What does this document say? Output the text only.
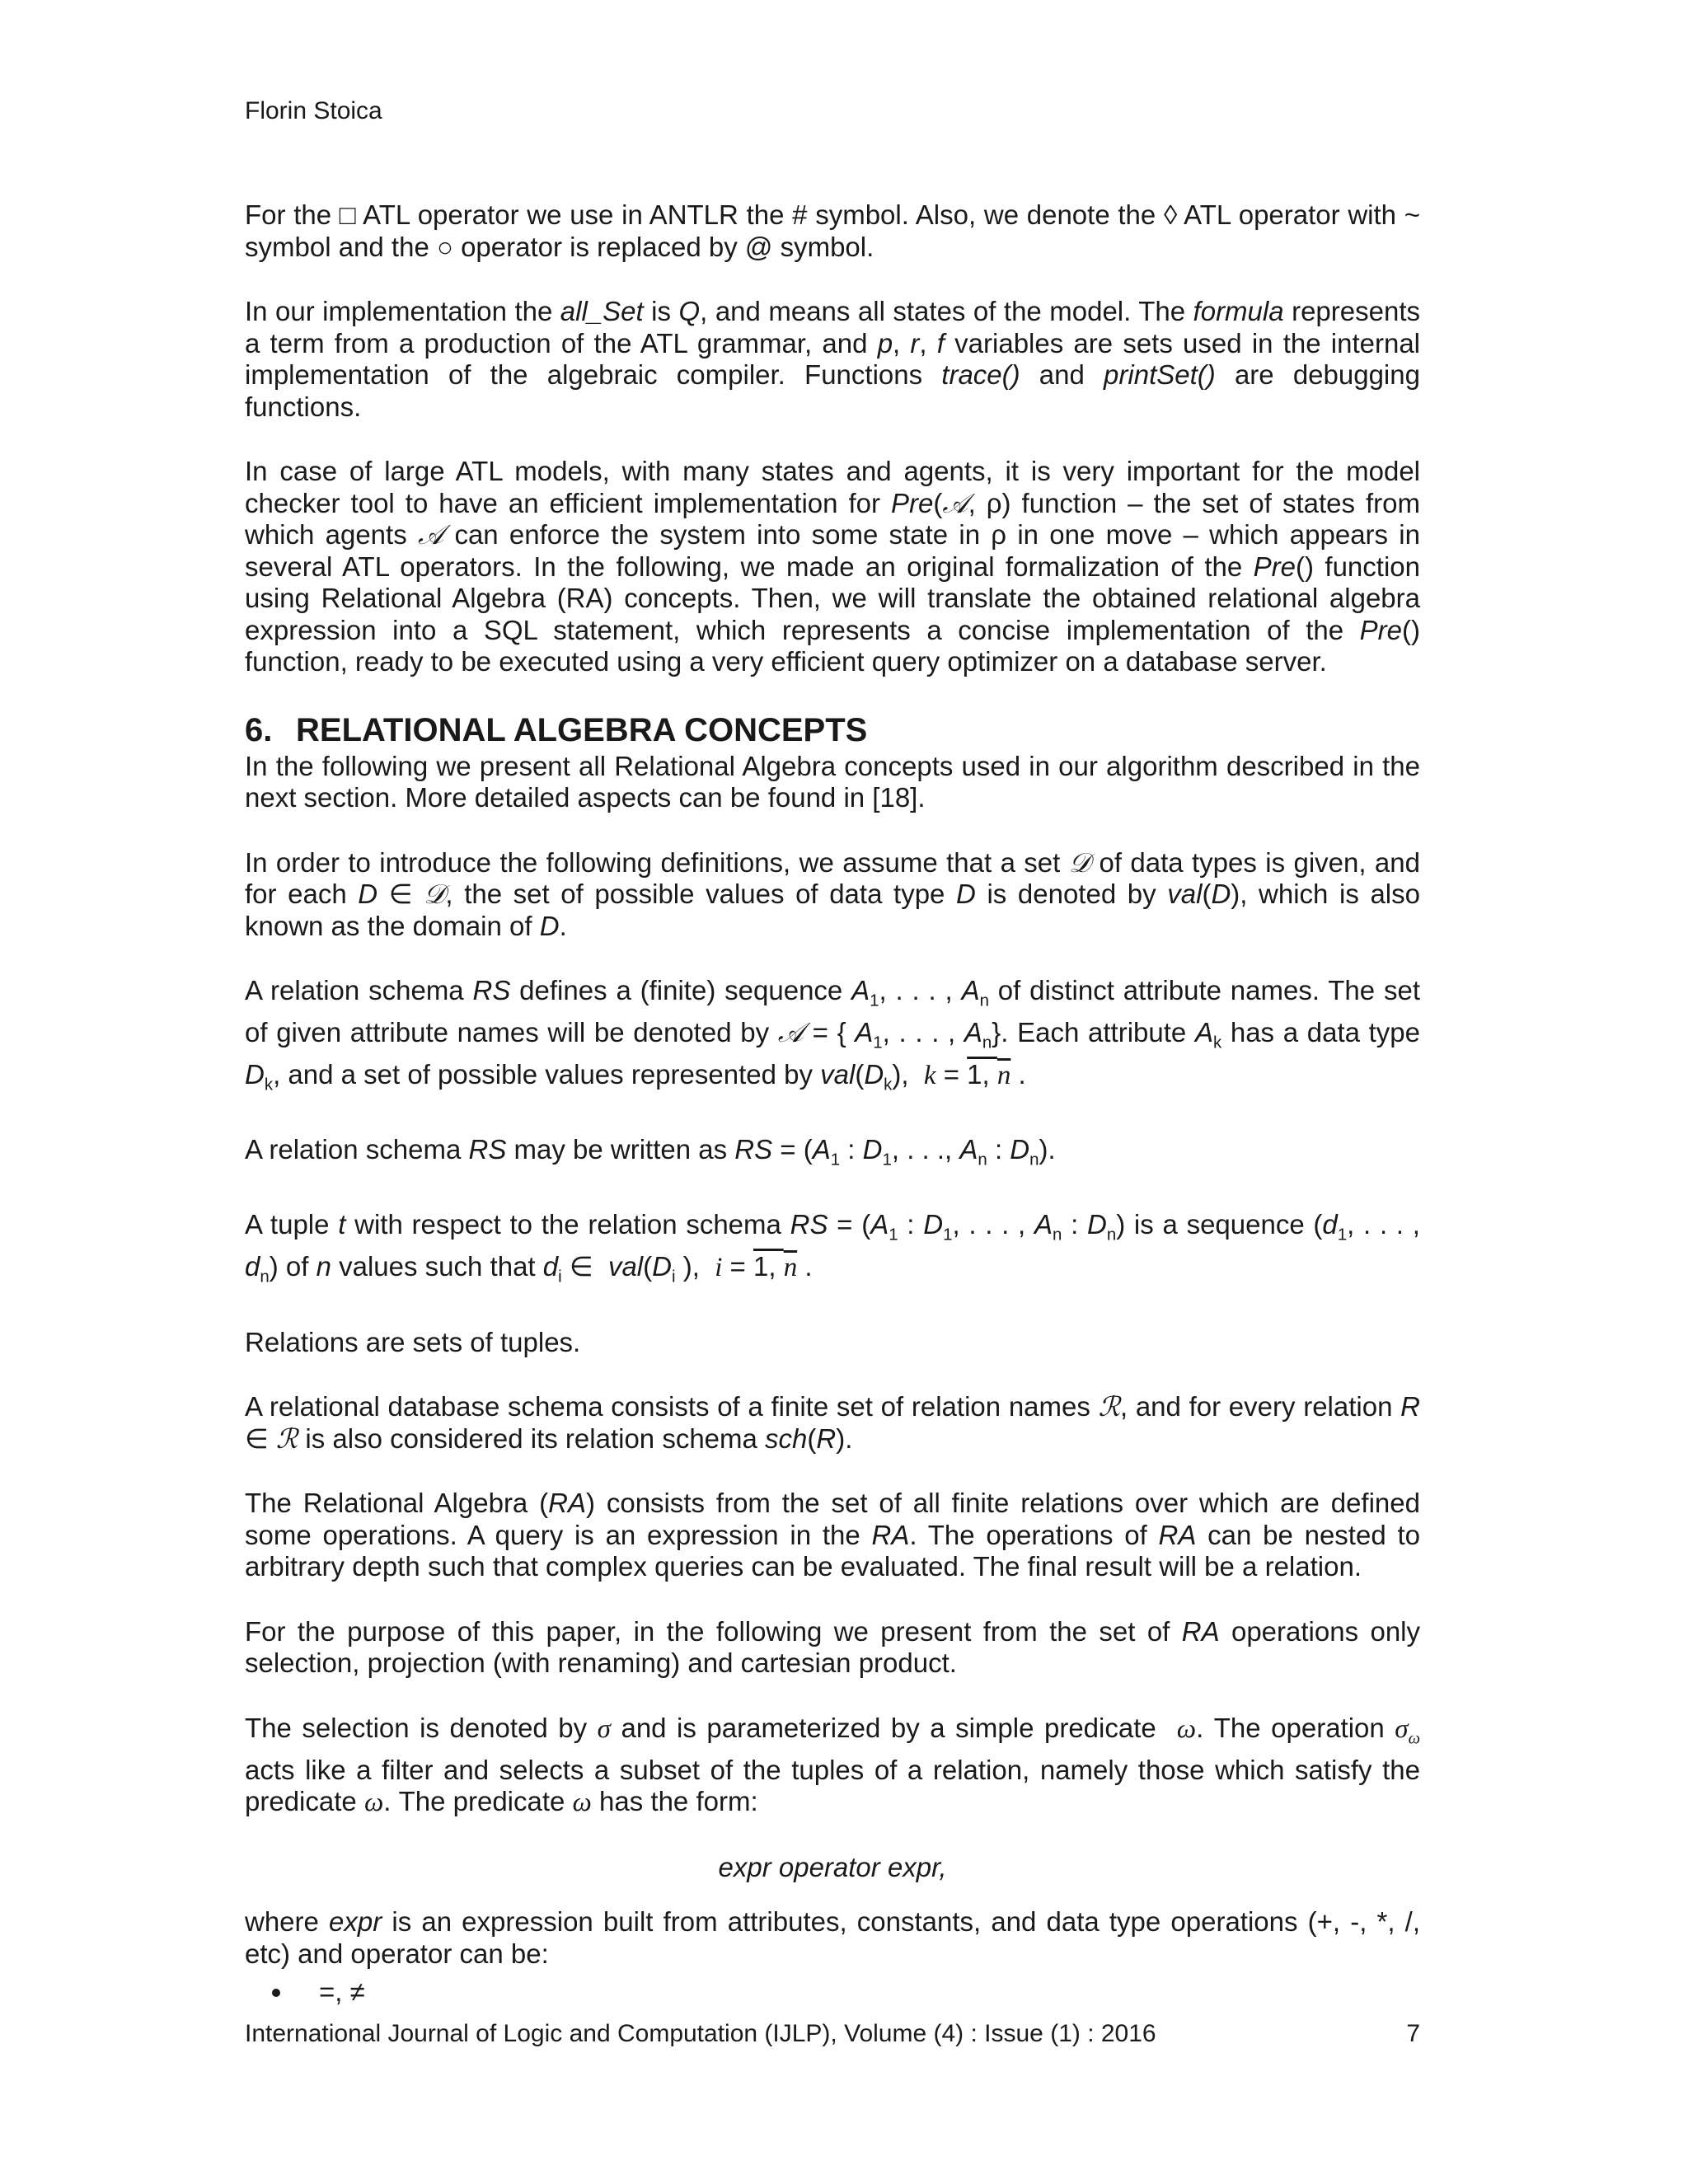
Florin Stoica

For the □ ATL operator we use in ANTLR the # symbol. Also, we denote the ◊ ATL operator with ~ symbol and the ○ operator is replaced by @ symbol.

In our implementation the all_Set is Q, and means all states of the model. The formula represents a term from a production of the ATL grammar, and p, r, f variables are sets used in the internal implementation of the algebraic compiler. Functions trace() and printSet() are debugging functions.

In case of large ATL models, with many states and agents, it is very important for the model checker tool to have an efficient implementation for Pre(𝒜, ρ) function – the set of states from which agents 𝒜 can enforce the system into some state in ρ in one move – which appears in several ATL operators. In the following, we made an original formalization of the Pre() function using Relational Algebra (RA) concepts. Then, we will translate the obtained relational algebra expression into a SQL statement, which represents a concise implementation of the Pre() function, ready to be executed using a very efficient query optimizer on a database server.

6. RELATIONAL ALGEBRA CONCEPTS

In the following we present all Relational Algebra concepts used in our algorithm described in the next section. More detailed aspects can be found in [18].

In order to introduce the following definitions, we assume that a set 𝒟 of data types is given, and for each D ∈ 𝒟, the set of possible values of data type D is denoted by val(D), which is also known as the domain of D.

A relation schema RS defines a (finite) sequence $A_1$, . . . , $A_n$ of distinct attribute names. The set of given attribute names will be denoted by 𝒜 = { $A_1$, . . . , $A_n$}. Each attribute $A_k$ has a data type $D_k$, and a set of possible values represented by $val(D_k)$,  k = 1, n .

A relation schema RS may be written as RS = ($A_1$ : $D_1$, . . ., $A_n$ : $D_n$).

A tuple t with respect to the relation schema RS = ($A_1$ : $D_1$, . . . , $A_n$ : $D_n$) is a sequence ($d_1$, . . . , $d_n$) of n values such that $d_i$ ∈  $val(D_i$ ),  i = 1, n .

Relations are sets of tuples.

A relational database schema consists of a finite set of relation names ℛ, and for every relation R ∈ ℛ is also considered its relation schema sch(R).

The Relational Algebra (RA) consists from the set of all finite relations over which are defined some operations. A query is an expression in the RA. The operations of RA can be nested to arbitrary depth such that complex queries can be evaluated. The final result will be a relation.

For the purpose of this paper, in the following we present from the set of RA operations only selection, projection (with renaming) and cartesian product.

The selection is denoted by σ and is parameterized by a simple predicate  ω. The operation $\sigma_\omega$ acts like a filter and selects a subset of the tuples of a relation, namely those which satisfy the predicate ω. The predicate ω has the form:

expr operator expr,

where expr is an expression built from attributes, constants, and data type operations (+, -, *, /, etc) and operator can be:

• =, ≠
International Journal of Logic and Computation (IJLP), Volume (4) : Issue (1) : 2016	7
